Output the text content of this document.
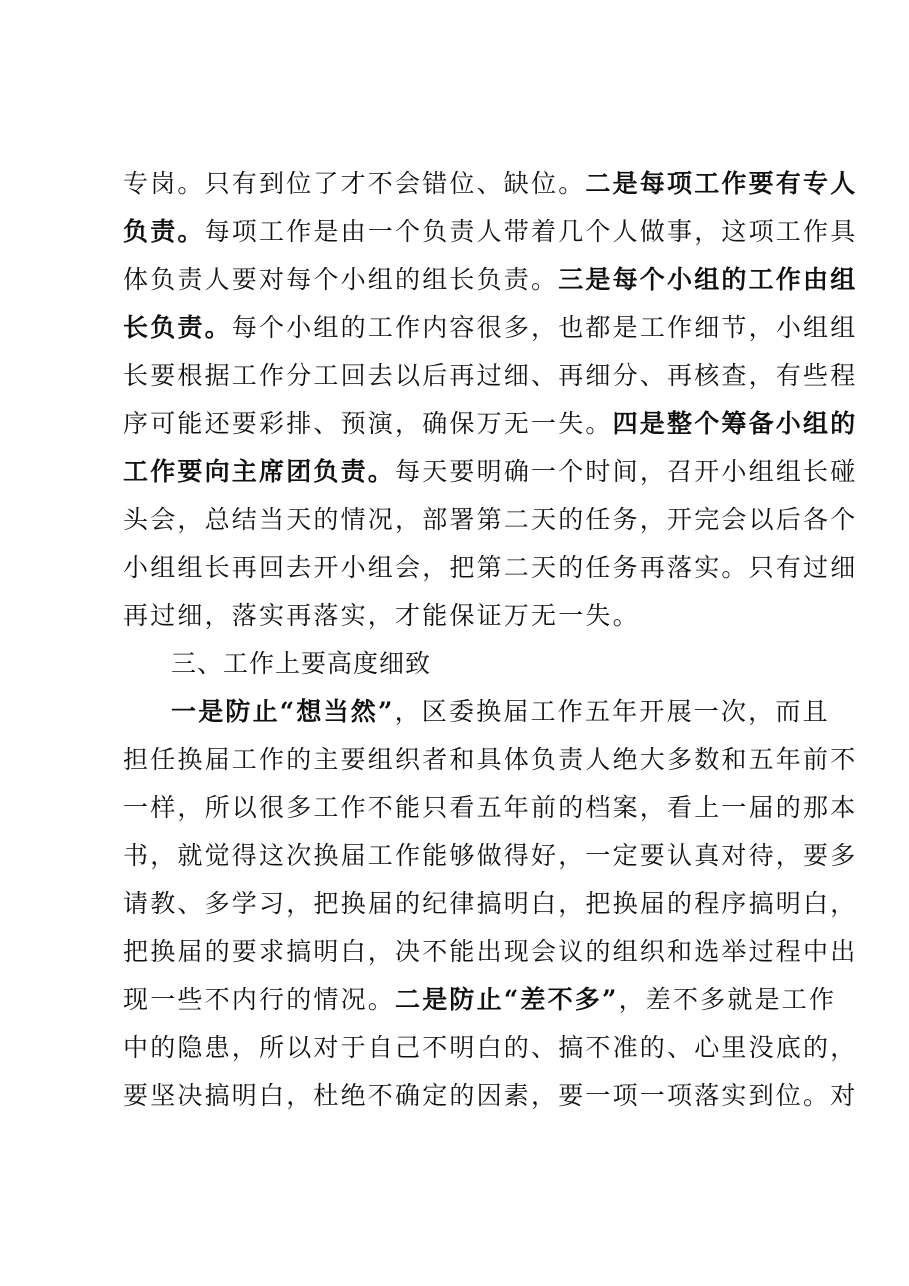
专岗。只有到位了才不会错位、缺位。二是每项工作要有专人
负责。每项工作是由一个负责人带着几个人做事，这项工作具
体负责人要对每个小组的组长负责。三是每个小组的工作由组
长负责。每个小组的工作内容很多，也都是工作细节，小组组
长要根据工作分工回去以后再过细、再细分、再核查，有些程
序可能还要彩排、预演，确保万无一失。四是整个筹备小组的
工作要向主席团负责。每天要明确一个时间，召开小组组长碰
头会，总结当天的情况，部署第二天的任务，开完会以后各个
小组组长再回去开小组会，把第二天的任务再落实。只有过细
再过细，落实再落实，才能保证万无一失。
三、工作上要高度细致
一是防止“想当然”，区委换届工作五年开展一次，而且
担任换届工作的主要组织者和具体负责人绝大多数和五年前不
一样，所以很多工作不能只看五年前的档案，看上一届的那本
书，就觉得这次换届工作能够做得好，一定要认真对待，要多
请教、多学习，把换届的纪律搞明白，把换届的程序搞明白，
把换届的要求搞明白，决不能出现会议的组织和选举过程中出
现一些不内行的情况。二是防止“差不多”，差不多就是工作
中的隐患，所以对于自己不明白的、搞不准的、心里没底的，
要坚决搞明白，杜绝不确定的因素，要一项一项落实到位。对
